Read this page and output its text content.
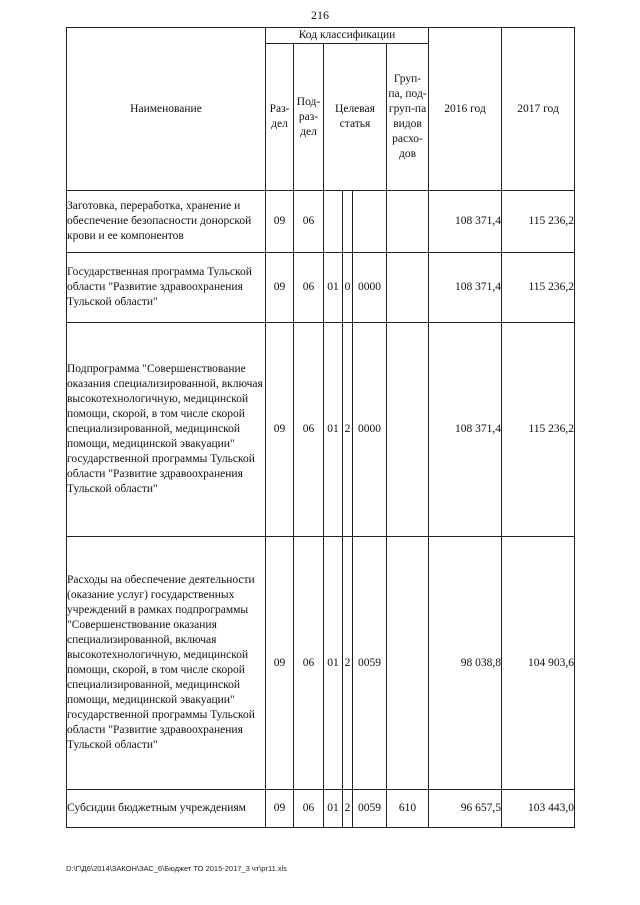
216
Наименование	Код классификации						2016 год	2017 год
	Раз-дел	Под-раз-дел	Целевая статья			Груп-па, под-груп-па видов расхо-дов		
Заготовка, переработка, хранение и обеспечение безопасности донорской крови и ее компонентов	09	06					108 371,4	115 236,2
Государственная программа Тульской области "Развитие здравоохранения Тульской области"	09	06	01	0	0000		108 371,4	115 236,2
Подпрограмма "Совершенствование оказания специализированной, включая высокотехнологичную, медицинской помощи, скорой, в том числе скорой специализированной, медицинской помощи, медицинской эвакуации" государственной программы Тульской области "Развитие здравоохранения Тульской области"	09	06	01	2	0000		108 371,4	115 236,2
Расходы на обеспечение деятельности (оказание услуг) государственных учреждений в рамках подпрограммы "Совершенствование оказания специализированной, включая высокотехнологичную, медицинской помощи, скорой, в том числе скорой специализированной, медицинской помощи, медицинской эвакуации" государственной программы Тульской области "Развитие здравоохранения Тульской области"	09	06	01	2	0059		98 038,8	104 903,6
Субсидии бюджетным учреждениям	09	06	01	2	0059	610	96 657,5	103 443,0
D:\Г\Д6\2014\ЗАКОН\ЗАС_6\Бюджет ТО 2015-2017_3 чт\pr11.xls
